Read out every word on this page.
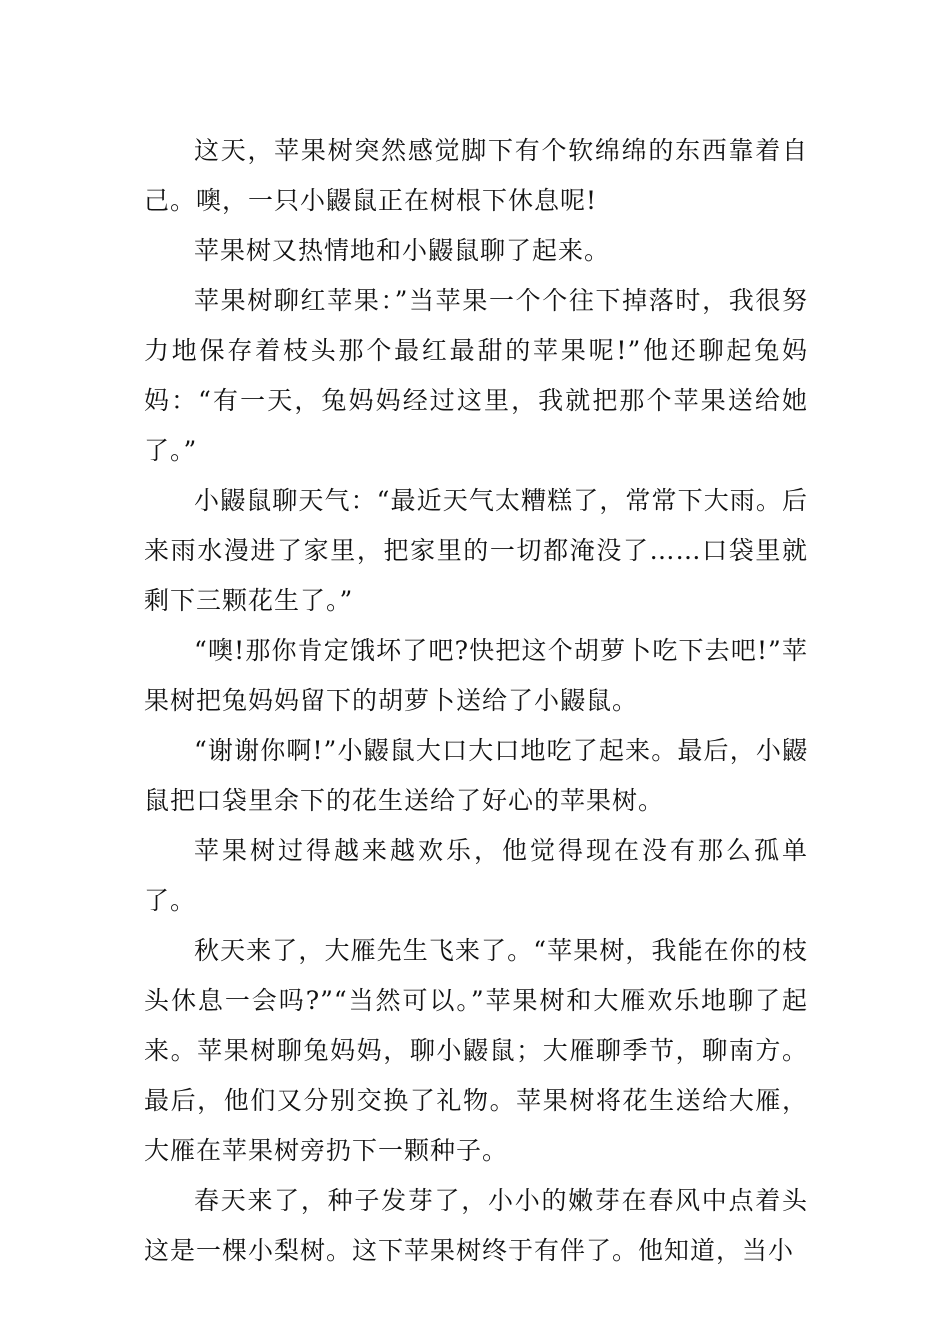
这天，苹果树突然感觉脚下有个软绵绵的东西靠着自己。噢，一只小鼹鼠正在树根下休息呢!

苹果树又热情地和小鼹鼠聊了起来。

苹果树聊红苹果：”当苹果一个个往下掉落时，我很努力地保存着枝头那个最红最甜的苹果呢!”他还聊起兔妈妈：“有一天，兔妈妈经过这里，我就把那个苹果送给她了。”

小鼹鼠聊天气：“最近天气太糟糕了，常常下大雨。后来雨水漫进了家里，把家里的一切都淹没了……口袋里就剩下三颗花生了。”

“噢!那你肯定饿坏了吧?快把这个胡萝卜吃下去吧!”苹果树把兔妈妈留下的胡萝卜送给了小鼹鼠。

“谢谢你啊!”小鼹鼠大口大口地吃了起来。最后，小鼹鼠把口袋里余下的花生送给了好心的苹果树。

苹果树过得越来越欢乐，他觉得现在没有那么孤单了。

秋天来了，大雁先生飞来了。“苹果树，我能在你的枝头休息一会吗?”“当然可以。”苹果树和大雁欢乐地聊了起来。苹果树聊兔妈妈，聊小鼹鼠；大雁聊季节，聊南方。最后，他们又分别交换了礼物。苹果树将花生送给大雁，大雁在苹果树旁扔下一颗种子。

春天来了，种子发芽了，小小的嫩芽在春风中点着头这是一棵小梨树。这下苹果树终于有伴了。他知道，当小
